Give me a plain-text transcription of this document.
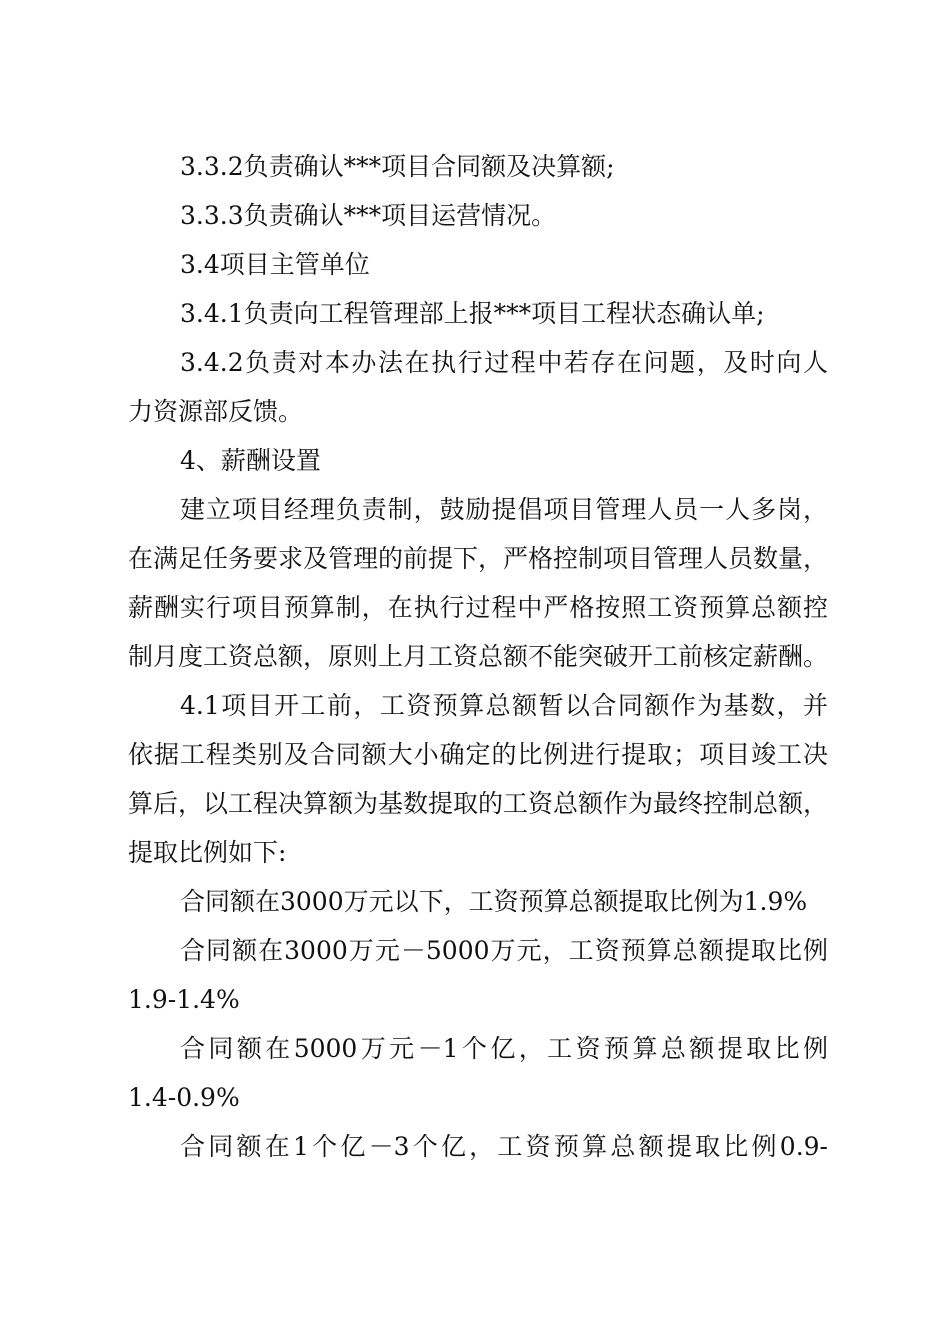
3.3.2负责确认***项目合同额及决算额;
3.3.3负责确认***项目运营情况。
3.4项目主管单位
3.4.1负责向工程管理部上报***项目工程状态确认单;
3.4.2负责对本办法在执行过程中若存在问题，及时向人
力资源部反馈。
4、薪酬设置
建立项目经理负责制，鼓励提倡项目管理人员一人多岗，
在满足任务要求及管理的前提下，严格控制项目管理人员数量，
薪酬实行项目预算制，在执行过程中严格按照工资预算总额控
制月度工资总额，原则上月工资总额不能突破开工前核定薪酬。
4.1项目开工前，工资预算总额暂以合同额作为基数，并
依据工程类别及合同额大小确定的比例进行提取；项目竣工决
算后，以工程决算额为基数提取的工资总额作为最终控制总额，
提取比例如下:
合同额在3000万元以下，工资预算总额提取比例为1.9%
合同额在3000万元－5000万元，工资预算总额提取比例
1.9-1.4%
合同额在5000万元－1个亿，工资预算总额提取比例
1.4-0.9%
合同额在1个亿－3个亿，工资预算总额提取比例0.9-
